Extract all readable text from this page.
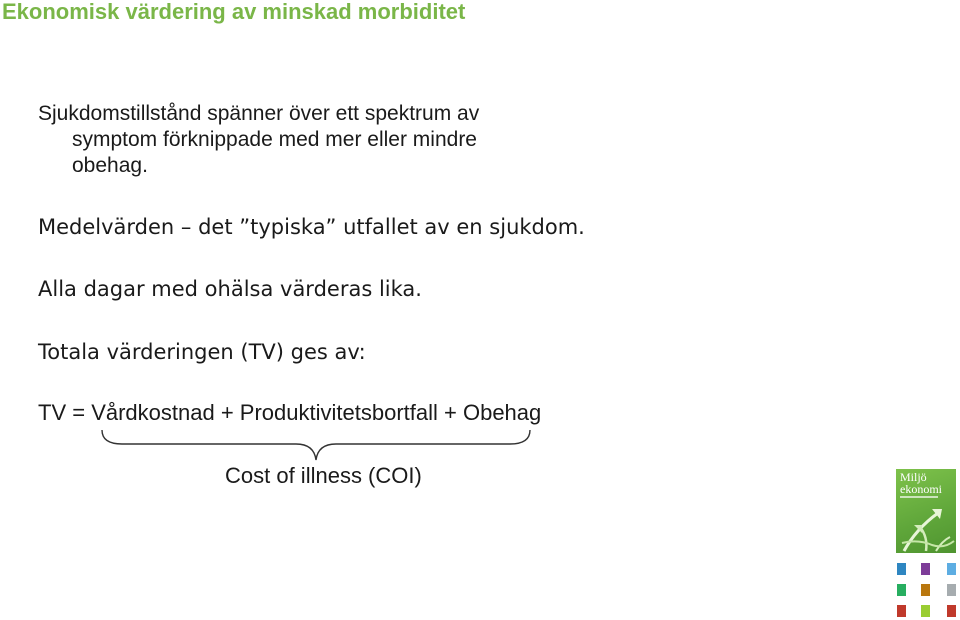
Ekonomisk värdering av minskad morbiditet

Sjukdomstillstånd spänner över ett spektrum av
symptom förknippade med mer eller mindre
obehag.

Medelvärden – det ”typiska” utfallet av en sjukdom.

Alla dagar med ohälsa värderas lika.

Totala värderingen (TV) ges av:

TV = Vårdkostnad + Produktivitetsbortfall + Obehag
Cost of illness (COI)	Miljö
ekonomi
